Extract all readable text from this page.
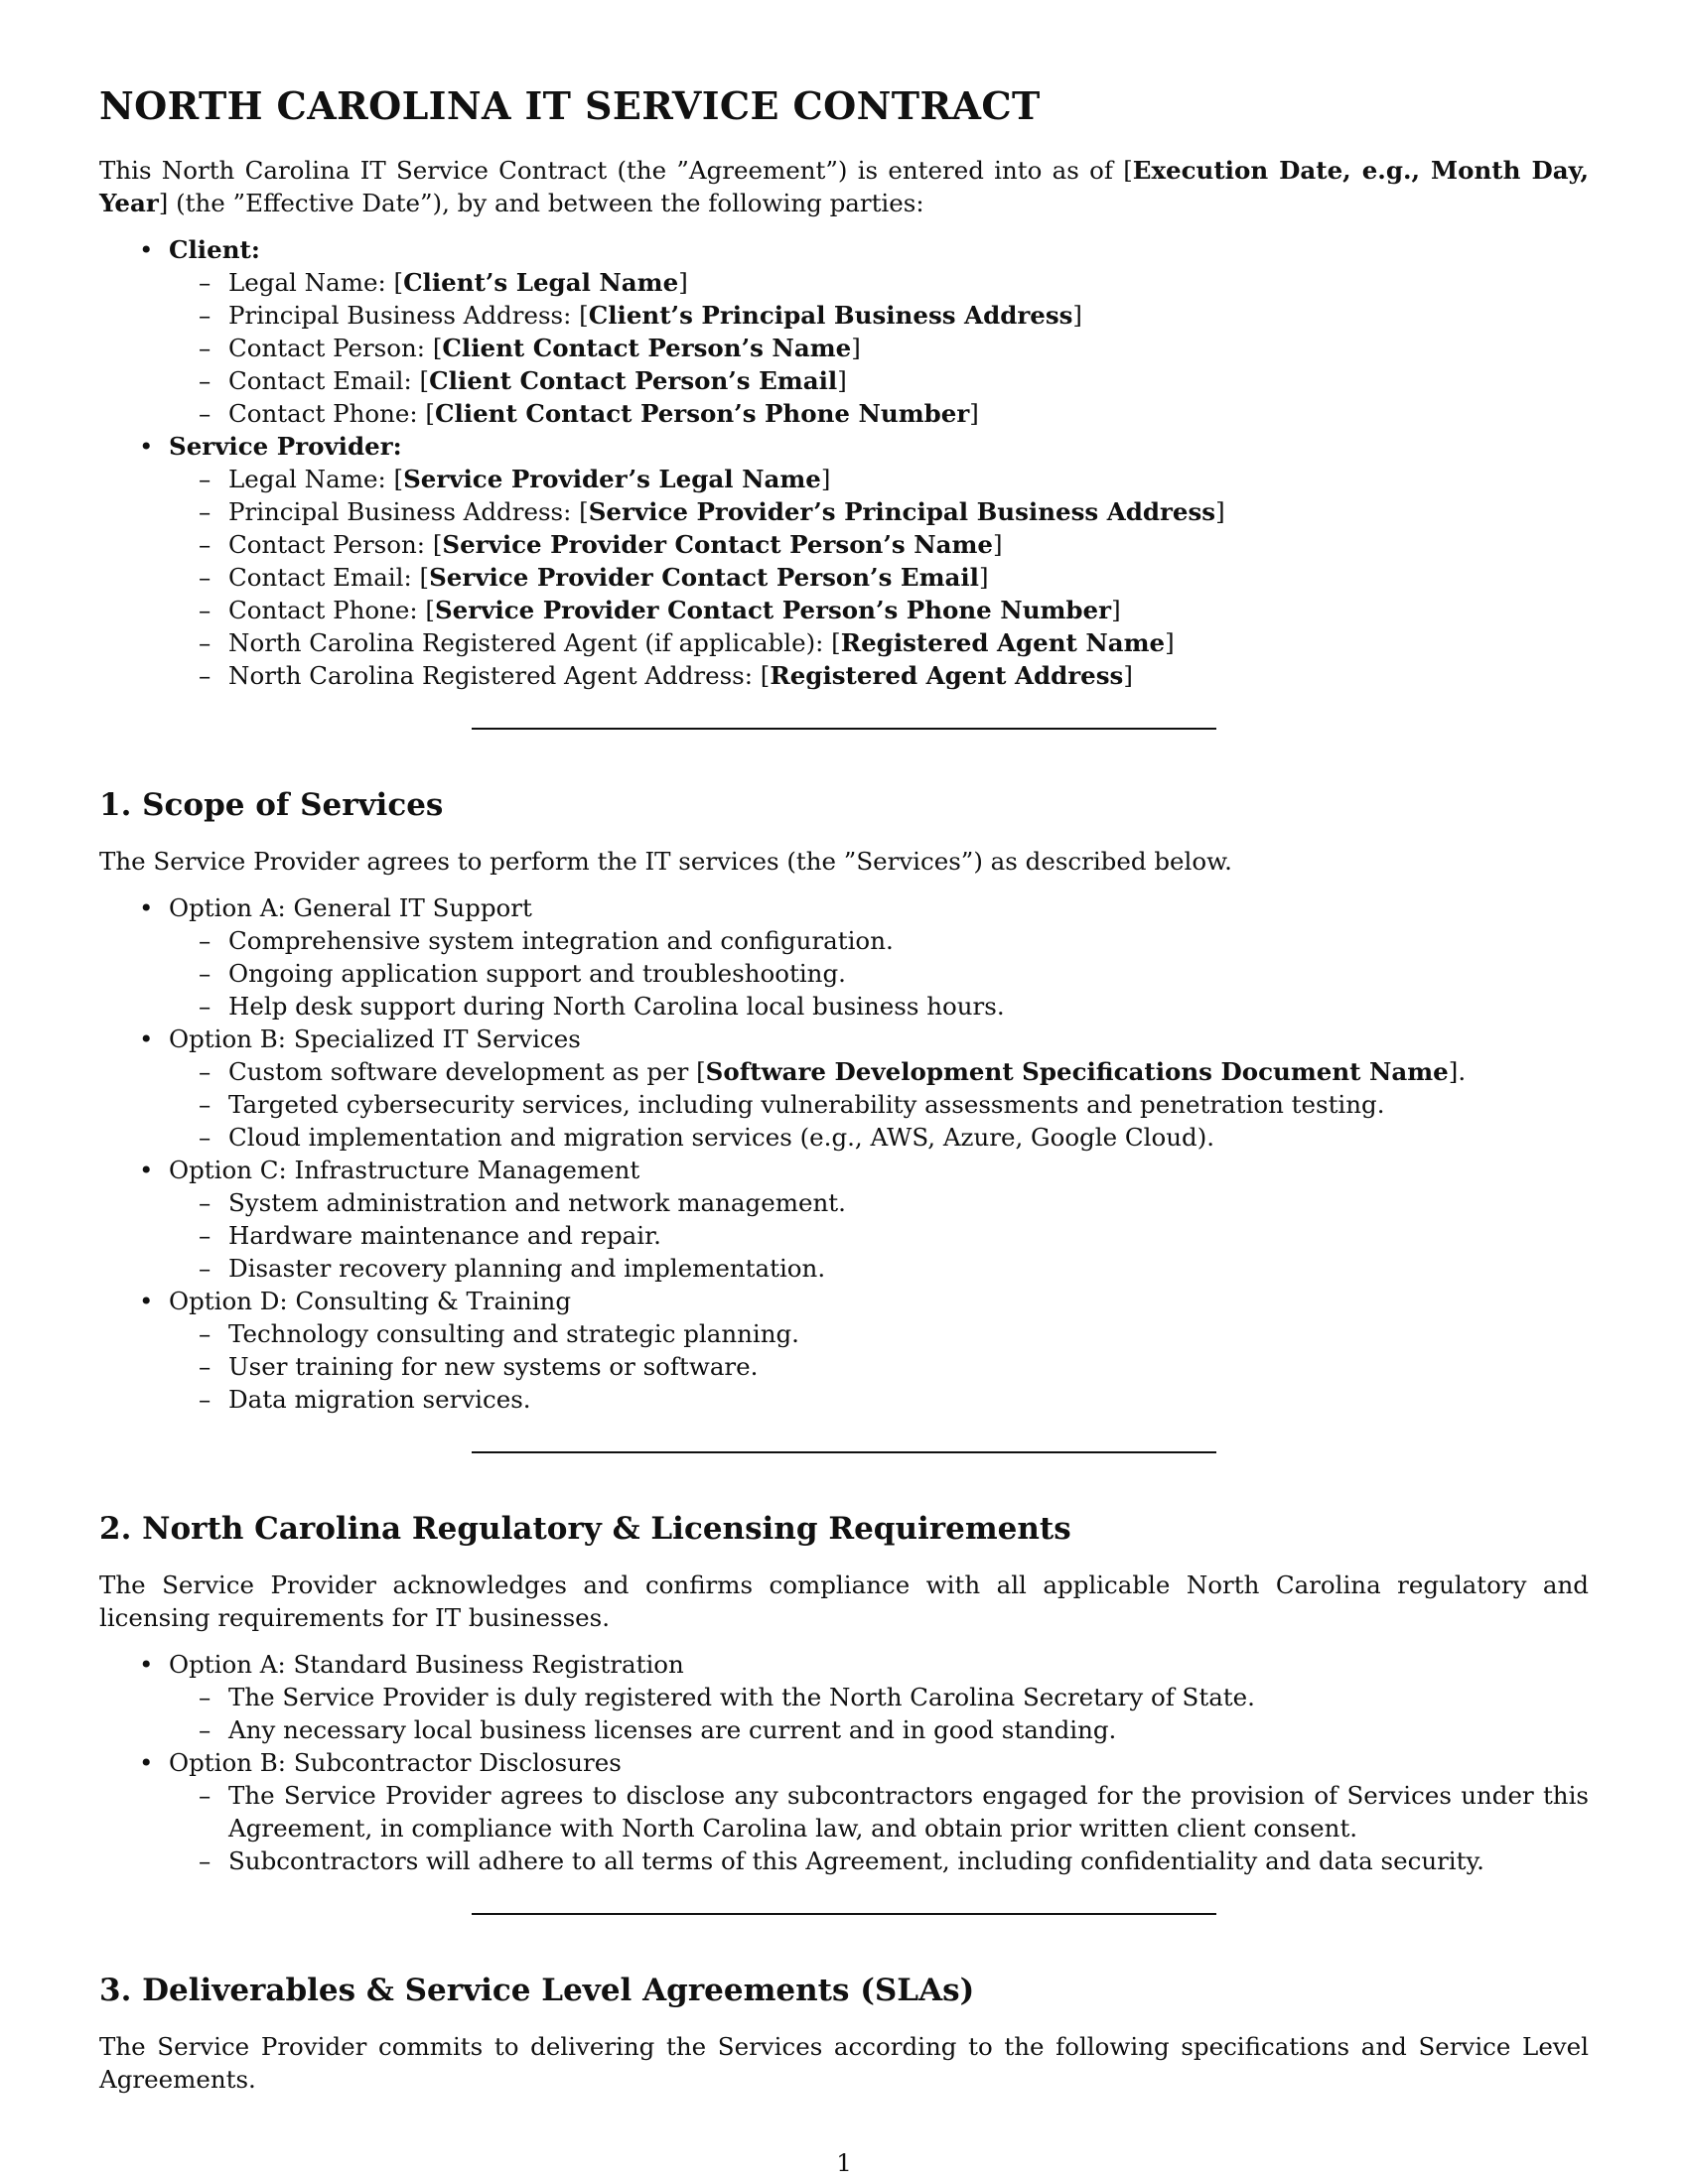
NORTH CAROLINA IT SERVICE CONTRACT

This North Carolina IT Service Contract (the ”Agreement”) is entered into as of [Execution Date, e.g., Month Day, Year] (the ”Effective Date”), by and between the following parties:

• Client:
– Legal Name: [Client’s Legal Name]
– Principal Business Address: [Client’s Principal Business Address]
– Contact Person: [Client Contact Person’s Name]
– Contact Email: [Client Contact Person’s Email]
– Contact Phone: [Client Contact Person’s Phone Number]
• Service Provider:
– Legal Name: [Service Provider’s Legal Name]
– Principal Business Address: [Service Provider’s Principal Business Address]
– Contact Person: [Service Provider Contact Person’s Name]
– Contact Email: [Service Provider Contact Person’s Email]
– Contact Phone: [Service Provider Contact Person’s Phone Number]
– North Carolina Registered Agent (if applicable): [Registered Agent Name]
– North Carolina Registered Agent Address: [Registered Agent Address]
1. Scope of Services

The Service Provider agrees to perform the IT services (the ”Services”) as described below.

• Option A: General IT Support
– Comprehensive system integration and configuration.
– Ongoing application support and troubleshooting.
– Help desk support during North Carolina local business hours.
• Option B: Specialized IT Services
– Custom software development as per [Software Development Specifications Document Name].
– Targeted cybersecurity services, including vulnerability assessments and penetration testing.
– Cloud implementation and migration services (e.g., AWS, Azure, Google Cloud).
• Option C: Infrastructure Management
– System administration and network management.
– Hardware maintenance and repair.
– Disaster recovery planning and implementation.
• Option D: Consulting & Training
– Technology consulting and strategic planning.
– User training for new systems or software.
– Data migration services.
2. North Carolina Regulatory & Licensing Requirements

The Service Provider acknowledges and confirms compliance with all applicable North Carolina regulatory and licensing requirements for IT businesses.

• Option A: Standard Business Registration
– The Service Provider is duly registered with the North Carolina Secretary of State.
– Any necessary local business licenses are current and in good standing.
• Option B: Subcontractor Disclosures
– The Service Provider agrees to disclose any subcontractors engaged for the provision of Services under this Agreement, in compliance with North Carolina law, and obtain prior written client consent.
– Subcontractors will adhere to all terms of this Agreement, including confidentiality and data security.
3. Deliverables & Service Level Agreements (SLAs)

The Service Provider commits to delivering the Services according to the following specifications and Service Level Agreements.

1
